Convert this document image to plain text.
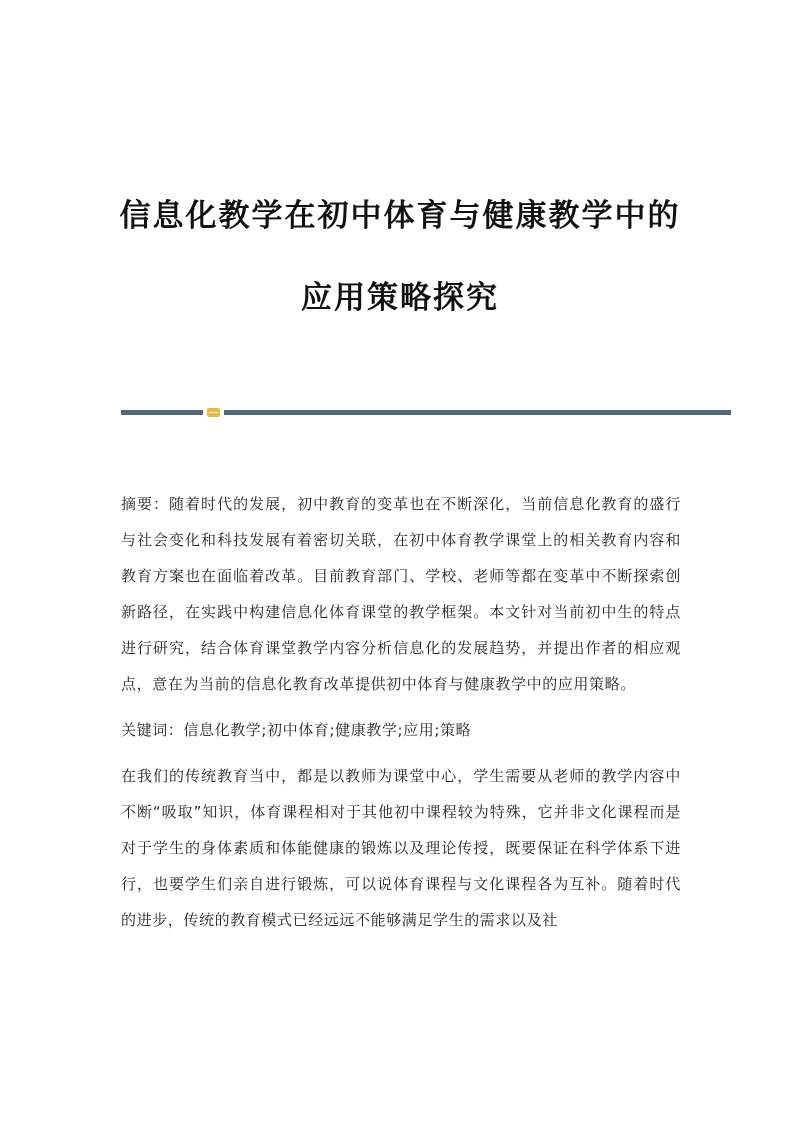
信息化教学在初中体育与健康教学中的
应用策略探究

摘要：随着时代的发展，初中教育的变革也在不断深化，当前信息化教育的盛行与社会变化和科技发展有着密切关联，在初中体育教学课堂上的相关教育内容和教育方案也在面临着改革。目前教育部门、学校、老师等都在变革中不断探索创新路径，在实践中构建信息化体育课堂的教学框架。本文针对当前初中生的特点进行研究，结合体育课堂教学内容分析信息化的发展趋势，并提出作者的相应观点，意在为当前的信息化教育改革提供初中体育与健康教学中的应用策略。

关键词：信息化教学;初中体育;健康教学;应用;策略

在我们的传统教育当中，都是以教师为课堂中心，学生需要从老师的教学内容中不断“吸取”知识，体育课程相对于其他初中课程较为特殊，它并非文化课程而是对于学生的身体素质和体能健康的锻炼以及理论传授，既要保证在科学体系下进行，也要学生们亲自进行锻炼，可以说体育课程与文化课程各为互补。随着时代的进步，传统的教育模式已经远远不能够满足学生的需求以及社
